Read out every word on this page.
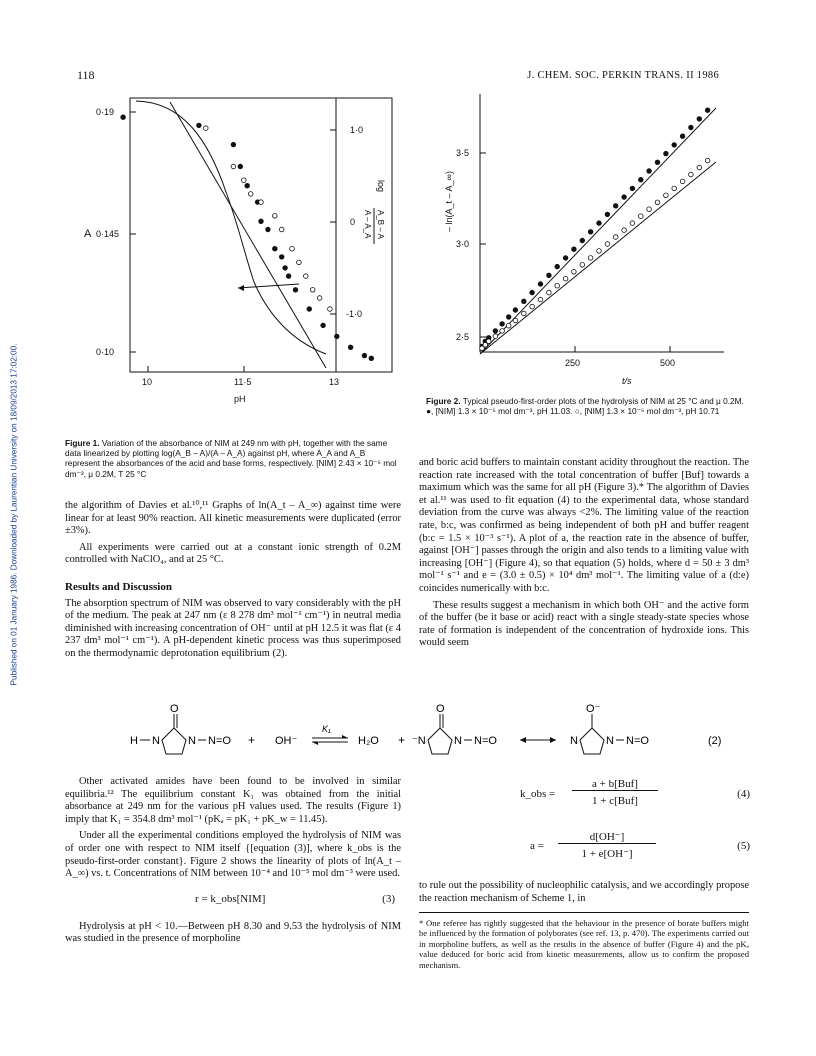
Published on 01 January 1986. Downloaded by Laurentian University on 18/09/2013 17:02:00.
118	J. CHEM. SOC. PERKIN TRANS. II 1986
0·19
0·145
0·10
A
1·0
0
-1·0
log
A_B – A
A – A_A
10	11·5	13
pH
Figure 1. Variation of the absorbance of NIM at 249 nm with pH, together with the same data linearized by plotting log(A_B – A)/(A – A_A) against pH, where A_A and A_B represent the absorbances of the acid and base forms, respectively. [NIM] 2.43 × 10⁻⁵ mol dm⁻³, μ 0.2M, T 25 °C
3·5
3·0
2·5
– ln(A_t – A_∞)
250	500
t/s
Figure 2. Typical pseudo-first-order plots of the hydrolysis of NIM at 25 °C and μ 0.2M. ●, [NIM] 1.3 × 10⁻⁵ mol dm⁻³, pH 11.03. ○, [NIM] 1.3 × 10⁻⁵ mol dm⁻³, pH 10.71

the algorithm of Davies et al.¹⁰,¹¹ Graphs of ln(A_t – A_∞) against time were linear for at least 90% reaction. All kinetic measurements were duplicated (error ±3%).

All experiments were carried out at a constant ionic strength of 0.2M controlled with NaClO₄, and at 25 °C.

Results and Discussion

The absorption spectrum of NIM was observed to vary considerably with the pH of the medium. The peak at 247 nm (ε 8 278 dm³ mol⁻¹ cm⁻¹) in neutral media diminished with increasing concentration of OH⁻ until at pH 12.5 it was flat (ε 4 237 dm³ mol⁻¹ cm⁻¹). A pH-dependent kinetic process was thus superimposed on the thermodynamic deprotonation equilibrium (2).

and boric acid buffers to maintain constant acidity throughout the reaction. The reaction rate increased with the total concentration of buffer [Buf] towards a maximum which was the same for all pH (Figure 3).* The algorithm of Davies et al.¹¹ was used to fit equation (4) to the experimental data, whose standard deviation from the curve was always <2%. The limiting value of the reaction rate, b:c, was confirmed as being independent of both pH and buffer reagent (b:c = 1.5 × 10⁻³ s⁻¹). A plot of a, the reaction rate in the absence of buffer, against [OH⁻] passes through the origin and also tends to a limiting value with increasing [OH⁻] (Figure 4), so that equation (5) holds, where d = 50 ± 3 dm³ mol⁻¹ s⁻¹ and e = (3.0 ± 0.5) × 10⁴ dm³ mol⁻¹. The limiting value of a (d:e) coincides numerically with b:c.

These results suggest a mechanism in which both OH⁻ and the active form of the buffer (be it base or acid) react with a single steady-state species whose rate of formation is independent of the concentration of hydroxide ions. This would seem

H N
O
N N=O + OH⁻
K₁
H₂O + ⁻N
O
N N=O	N
O⁻
N N=O	(2)

Other activated amides have been found to be involved in similar equilibria.¹² The equilibrium constant K₁ was obtained from the initial absorbance at 249 nm for the various pH values used. The results (Figure 1) imply that K₁ = 354.8 dm³ mol⁻¹ (pKₐ = pK₁ + pK_w = 11.45).

Under all the experimental conditions employed the hydrolysis of NIM was of order one with respect to NIM itself {[equation (3)], where k_obs is the pseudo-first-order constant}. Figure 2 shows the linearity of plots of ln(A_t – A_∞) vs. t. Concentrations of NIM between 10⁻⁴ and 10⁻⁵ mol dm⁻³ were used.

r = k_obs[NIM]	(3)

Hydrolysis at pH < 10.—Between pH 8.30 and 9.53 the hydrolysis of NIM was studied in the presence of morpholine

k_obs =
a + b[Buf]
1 + c[Buf]
(4)
a =
d[OH⁻]
1 + e[OH⁻]
(5)

to rule out the possibility of nucleophilic catalysis, and we accordingly propose the reaction mechanism of Scheme 1, in

* One referee has rightly suggested that the behaviour in the presence of borate buffers might be influenced by the formation of polyborates (see ref. 13, p. 470). The experiments carried out in morpholine buffers, as well as the results in the absence of buffer (Figure 4) and the pKₐ value deduced for boric acid from kinetic measurements, allow us to confirm the proposed mechanism.
